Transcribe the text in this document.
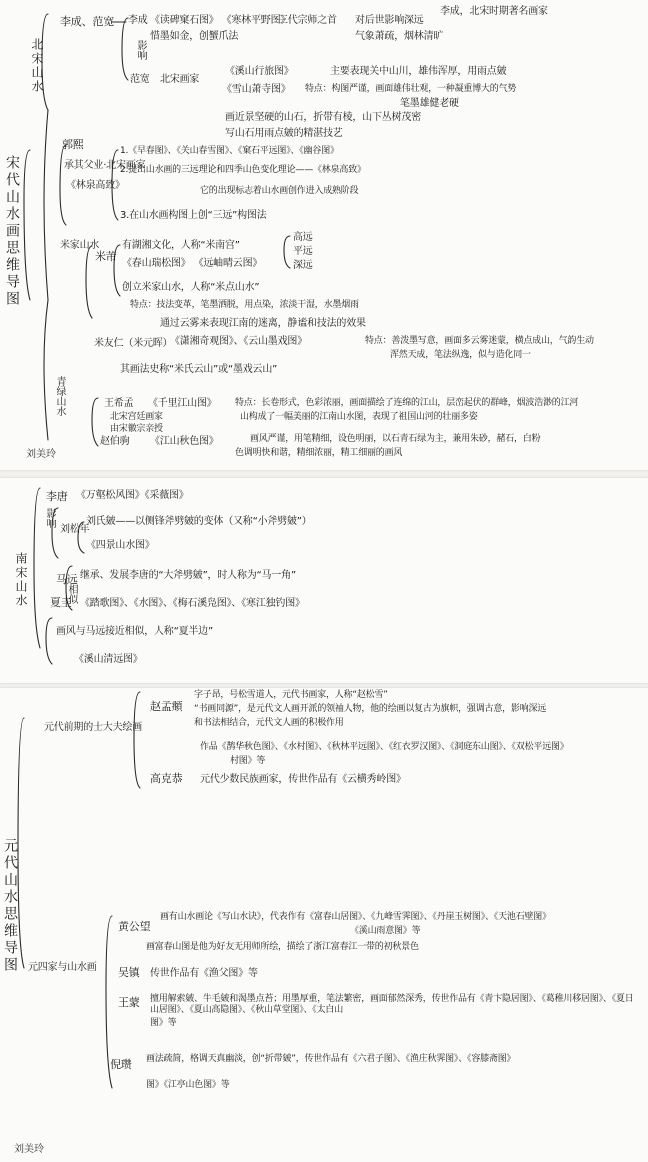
宋代山水画思维导图
北宋山水
李成、范宽 李成 《读碑窠石图》 《寒林平野图》
三代宗师之首 对后世影响深远
李成，北宋时期著名画家
惜墨如金，创蟹爪法	气象萧疏，烟林清旷
影响
范宽 北宋画家
《溪山行旅图》	主要表现关中山川，雄伟浑厚，用雨点皴
《雪山萧寺图》 特点：构图严谨，画面雄伟壮观，一种凝重博大的气势
笔墨雄健老硬
画近景坚硬的山石，折带有棱，山下丛树茂密
写山石用雨点皴的精湛技艺
郭熙
承其父业·北宋画家
《林泉高致》
1.《早春图》、《关山春雪图》、《窠石平远图》、《幽谷图》
2.提出山水画的三远理论和四季山色变化理论——《林泉高致》
它的出现标志着山水画创作进入成熟阶段
3.在山水画构图上创“三远”构图法
高远
平远
深远
米家山水
米芾
有湖湘文化，人称“米南宫”
《春山瑞松图》 《远岫晴云图》
创立米家山水，人称“米点山水”
特点：技法变革，笔墨洒脱，用点染，浓淡干湿，水墨烟雨
通过云雾来表现江南的迷离，静谧和技法的效果
米友仁（米元晖）
《潇湘奇观图》、《云山墨戏图》	特点：善泼墨写意，画面多云雾迷蒙，横点成山，气韵生动
浑然天成，笔法纵逸，似与造化同一
其画法史称“米氏云山”或“墨戏云山”
青绿山水	王希孟 《千里江山图》
北宋宫廷画家
由宋徽宗亲授
特点：长卷形式，色彩浓丽，画面描绘了连绵的江山，层峦起伏的群峰，烟波浩渺的江河
山构成了一幅美丽的江南山水图，表现了祖国山河的壮丽多姿
赵伯驹 《江山秋色图》	画风严谨，用笔精细，设色明丽，以石青石绿为主，兼用朱砂，赭石，白粉
色调明快和谐，精细浓丽，精工细丽的画风
刘美玲
南宋山水
李唐 《万壑松风图》《采薇图》
影响
刘松年
刘氏皴——以侧锋斧劈皴的变体（又称“小斧劈皴”）
《四景山水图》
马远
夏圭
相似
继承、发展李唐的“大斧劈皴”，时人称为“马一角”
《踏歌图》、《水图》、《梅石溪凫图》、《寒江独钓图》
画风与马远接近相似，人称“夏半边”
《溪山清远图》
元代山水思维导图
元代前期的士大夫绘画
赵孟頫
字子昂，号松雪道人，元代书画家，人称“赵松雪”
“书画同源”，是元代文人画开派的领袖人物，他的绘画以复古为旗帜，强调古意，影响深远
和书法相结合，元代文人画的积极作用
作品《鹊华秋色图》、《水村图》、《秋林平远图》、《红衣罗汉图》、《洞庭东山图》、《双松平远图》
村图》等
高克恭 元代少数民族画家，传世作品有《云横秀岭图》
元四家与山水画
黄公望
画有山水画论《写山水诀》，代表作有《富春山居图》、《九峰雪霁图》、《丹崖玉树图》、《天池石壁图》
《溪山雨意图》等
画富春山图是他为好友无用师所绘，描绘了浙江富春江一带的初秋景色
吴镇 传世作品有《渔父图》等
王蒙 擅用解索皴、牛毛皴和渴墨点苔；用墨厚重，笔法繁密，画面郁然深秀，传世作品有《青卞隐居图》、《葛稚川移居图》、《夏日山居图》、《夏山高隐图》、《秋山草堂图》、《太白山
图》等
倪瓒 画法疏简，格调天真幽淡，创“折带皴”，传世作品有《六君子图》、《渔庄秋霁图》、《容膝斋图》
图》《江亭山色图》等
刘美玲
